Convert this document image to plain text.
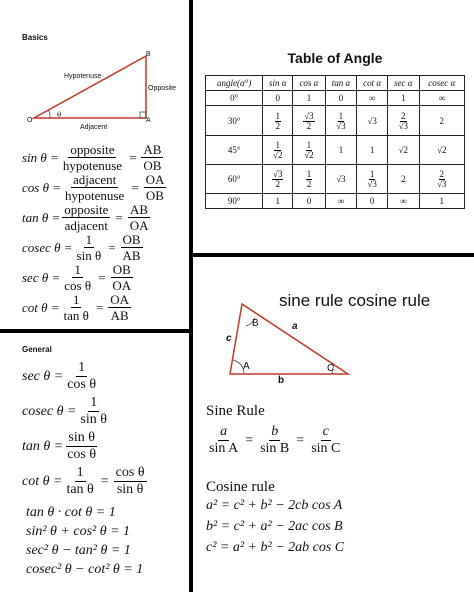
Basics
B
O	A
Hypotenuse
Opposite
Adjacent
θ
$\sin \theta = \frac{\text{opposite}}{\text{hypotenuse}} = \frac{AB}{OB}$
$\cos \theta = \frac{\text{adjacent}}{\text{hypotenuse}} = \frac{OA}{OB}$
$\tan \theta = \frac{\text{opposite}}{\text{adjacent}} = \frac{AB}{OA}$
cosec $\theta = \frac{1}{\text{sin θ}} = \frac{OB}{AB}$
$\sec \theta = \frac{1}{\text{cos θ}} = \frac{OB}{OA}$
$\cot \theta = \frac{1}{\text{tan θ}} = \frac{OA}{AB}$
General
$\sec \theta = \frac{1}{\text{cos θ}}$
cosec $\theta = \frac{1}{\text{sin θ}}$
$\tan \theta = \frac{\text{sin θ}}{\text{cos θ}}$
$\cot \theta = \frac{1}{\text{tan θ}} = \frac{\text{cos θ}}{\text{sin θ}}$
tan θ · cot θ = 1
sin² θ + cos² θ = 1
sec² θ − tan² θ = 1
cosec² θ − cot² θ = 1
Table of Angle
angle(α°)	sin α	cos α	tan α	cot α	sec α	cosec α
0°	0	1	0	∞	1	∞
30°	$\frac{1}{2}$	$\frac{√3}{2}$	$\frac{1}{√3}$	√3	$\frac{2}{√3}$	2
45°	$\frac{1}{√2}$	$\frac{1}{√2}$	1	1	√2	√2
60°	$\frac{√3}{2}$	$\frac{1}{2}$	√3	$\frac{1}{√3}$	2	$\frac{2}{√3}$

90°	1	0	∞	0	∞	1
B
A	C
a
b
c
sine rule cosine rule
Sine Rule
$\frac{a}{\text{sin A}} = \frac{b}{\text{sin B}} = \frac{c}{\text{sin C}}$
Cosine rule
a² = c² + b² − 2cb cos A
b² = c² + a² − 2ac cos B
c² = a² + b² − 2ab cos C
